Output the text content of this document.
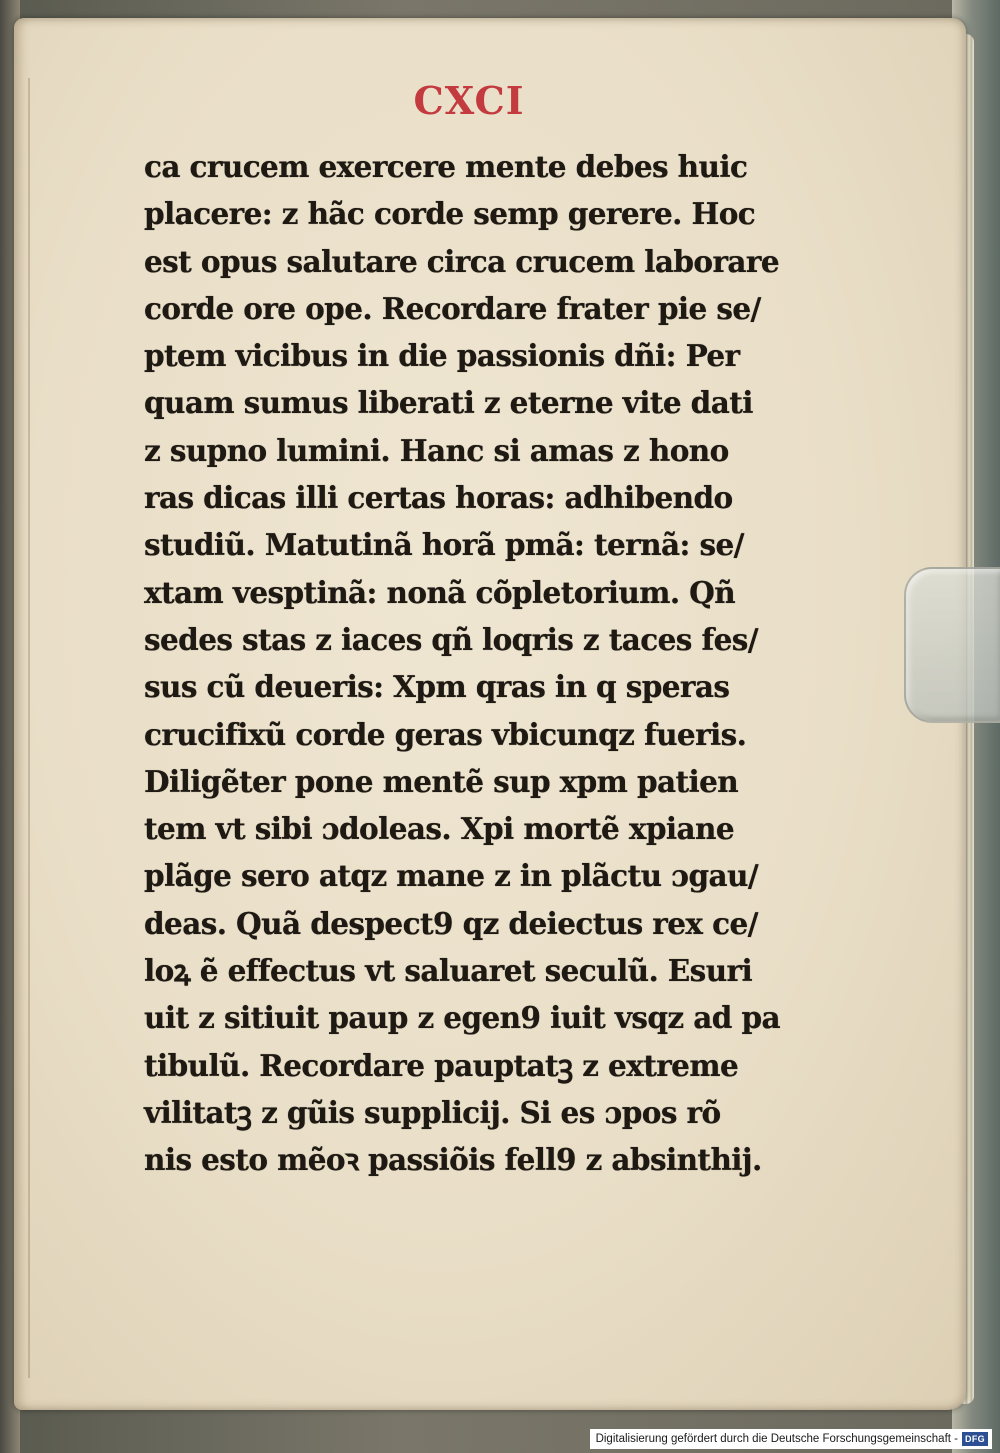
CXCI
ca crucem exercere mente debes huic
placere: z hãc corde semp gerere. Hoc
est opus salutare circa crucem laborare
corde ore ope. Recordare frater pie se/
ptem vicibus in die passionis dñi: Per
quam sumus liberati z eterne vite dati
z supno lumini. Hanc si amas z hono
ras dicas illi certas horas: adhibendo
studiũ. Matutinã horã pmã: ternã: se/
xtam vesptinã: nonã cõpletorium. Qñ
sedes stas z iaces qñ loqris z taces fes/
sus cũ deueris: Xpm qras in q speras
crucifixũ corde geras vbicunqz fueris.
Diligẽter pone mentẽ sup xpm patien
tem vt sibi ɔdoleas. Xpi mortẽ xpiane
plãge sero atqz mane z in plãctu ɔgau/
deas. Quã despect9 qz deiectus rex ce/
loꝝ ẽ effectus vt saluaret seculũ. Esuri
uit z sitiuit paup z egen9 iuit vsqz ad pa
tibulũ. Recordare pauptatꝫ z extreme
vilitatꝫ z gũis supplicij. Si es ɔpos rõ
nis esto mẽoꝛ passiõis fell9 z absinthij.
Digitalisierung gefördert durch die Deutsche Forschungsgemeinschaft - DFG
